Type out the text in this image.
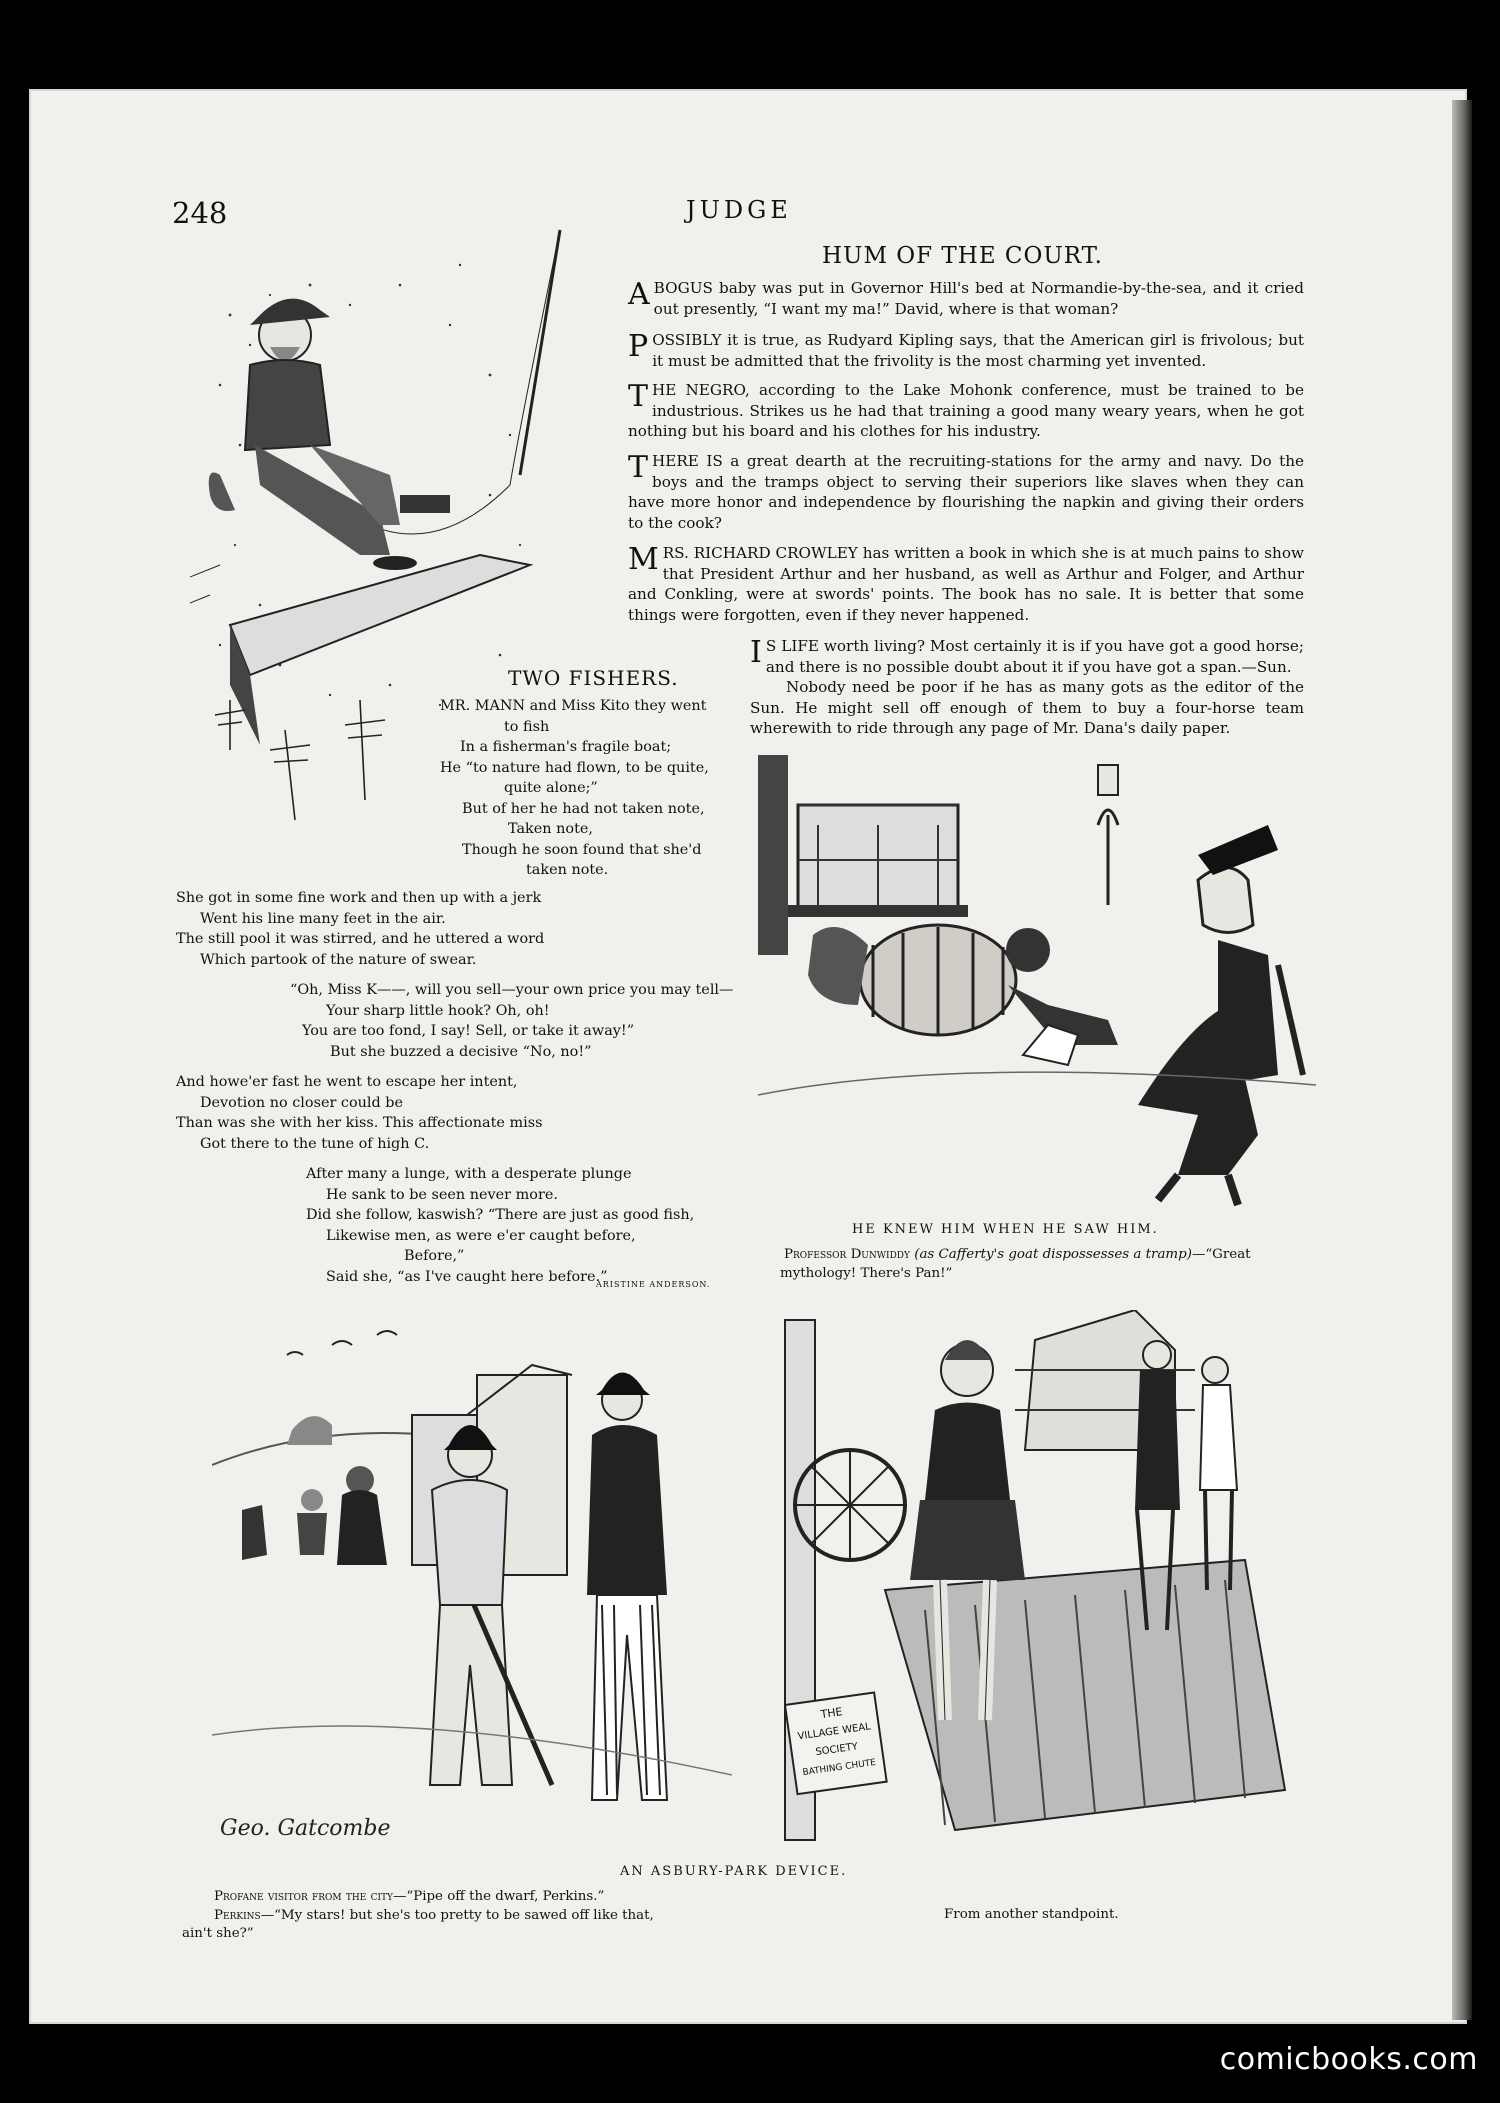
248	JUDGE
HUM OF THE COURT.
A BOGUS baby was put in Governor Hill's bed at Normandie-by-the-sea, and it cried out presently, “I want my ma!” David, where is that woman?
POSSIBLY it is true, as Rudyard Kipling says, that the American girl is frivolous; but it must be admitted that the frivolity is the most charming yet invented.
THE NEGRO, according to the Lake Mohonk conference, must be trained to be industrious. Strikes us he had that training a good many weary years, when he got nothing but his board and his clothes for his industry.
THERE IS a great dearth at the recruiting-stations for the army and navy. Do the boys and the tramps object to serving their superiors like slaves when they can have more honor and independence by flourishing the napkin and giving their orders to the cook?
MRS. RICHARD CROWLEY has written a book in which she is at much pains to show that President Arthur and her husband, as well as Arthur and Folger, and Arthur and Conkling, were at swords' points. The book has no sale. It is better that some things were forgotten, even if they never happened.
I S LIFE worth living? Most certainly it is if you have got a good horse; and there is no possible doubt about it if you have got a span.—Sun.
Nobody need be poor if he has as many gots as the editor of the Sun. He might sell off enough of them to buy a four-horse team wherewith to ride through any page of Mr. Dana's daily paper.
TWO FISHERS.
MR. MANN and Miss Kito they went
to fish
In a fisherman's fragile boat;
He “to nature had flown, to be quite,
quite alone;”
But of her he had not taken note,
Taken note,
Though he soon found that she'd
taken note.
She got in some fine work and then up with a jerk
Went his line many feet in the air.
The still pool it was stirred, and he uttered a word
Which partook of the nature of swear.
“Oh, Miss K——, will you sell—your own price you may tell—
Your sharp little hook? Oh, oh!
You are too fond, I say! Sell, or take it away!”
But she buzzed a decisive “No, no!”
And howe'er fast he went to escape her intent,
Devotion no closer could be
Than was she with her kiss. This affectionate miss
Got there to the tune of high C.
After many a lunge, with a desperate plunge
He sank to be seen never more.
Did she follow, kaswish? “There are just as good fish,
Likewise men, as were e'er caught before,
Before,”
Said she, “as I've caught here before.”
ARISTINE ANDERSON.
HE KNEW HIM WHEN HE SAW HIM.
Professor Dunwiddy (as Cafferty's goat dispossesses a tramp)—“Great
mythology! There's Pan!”
Geo. Gatcombe
THE
VILLAGE WEAL
SOCIETY
BATHING CHUTE
AN ASBURY-PARK DEVICE.
Profane visitor from the city—“Pipe off the dwarf, Perkins.”
Perkins—“My stars! but she's too pretty to be sawed off like that,
ain't she?”
From another standpoint.
comicbooks.com
